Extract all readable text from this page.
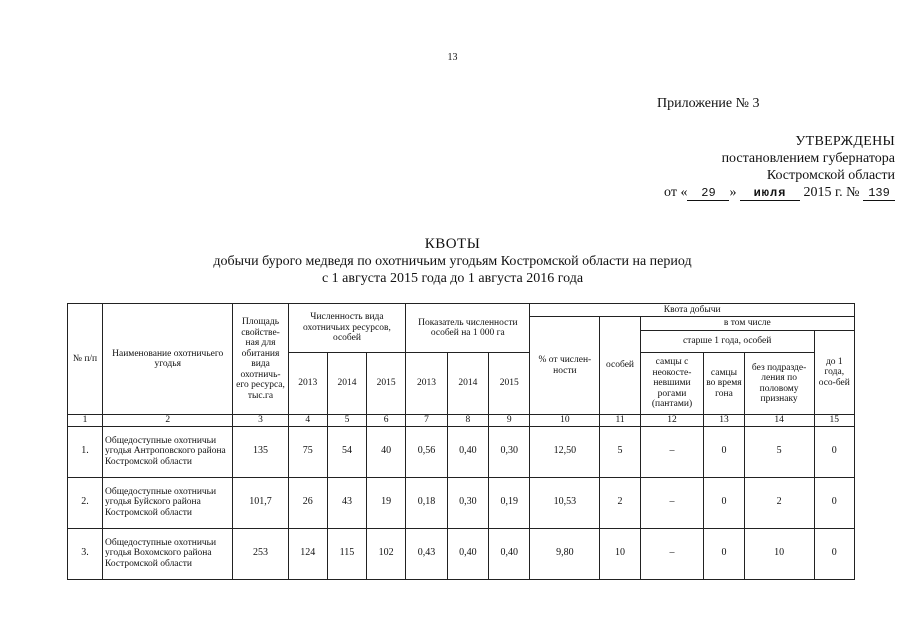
13
Приложение № 3
УТВЕРЖДЕНЫ
постановлением губернатора
Костромской области
от « 29 » июля 2015 г. № 139
КВОТЫ
добычи бурого медведя по охотничьим угодьям Костромской области на период
с 1 августа 2015 года до 1 августа 2016 года
№ п/п	Наименование охотничьего угодья	Площадь свойстве-ная для обитания вида охотничь-его ресурса, тыс.га	Численность вида охотничьих ресурсов, особей			Показатель численности особей на 1 000 га			Квота добычи					
									% от числен-ности	особей	в том числе			
											старше 1 года, особей			до 1 года, осо-бей
			2013	2014	2015	2013	2014	2015			самцы с неокосте-невшими рогами (пантами)	самцы во время гона	без подразде-ления по половому признаку	
1	2	3	4	5	6	7	8	9	10	11	12	13	14	15
1.	Общедоступные охотничьи угодья Антроповского района Костромской области	135	75	54	40	0,56	0,40	0,30	12,50	5	–	0	5	0
2.	Общедоступные охотничьи угодья Буйского района Костромской области	101,7	26	43	19	0,18	0,30	0,19	10,53	2	–	0	2	0
3.	Общедоступные охотничьи угодья Вохомского района Костромской области	253	124	115	102	0,43	0,40	0,40	9,80	10	–	0	10	0
